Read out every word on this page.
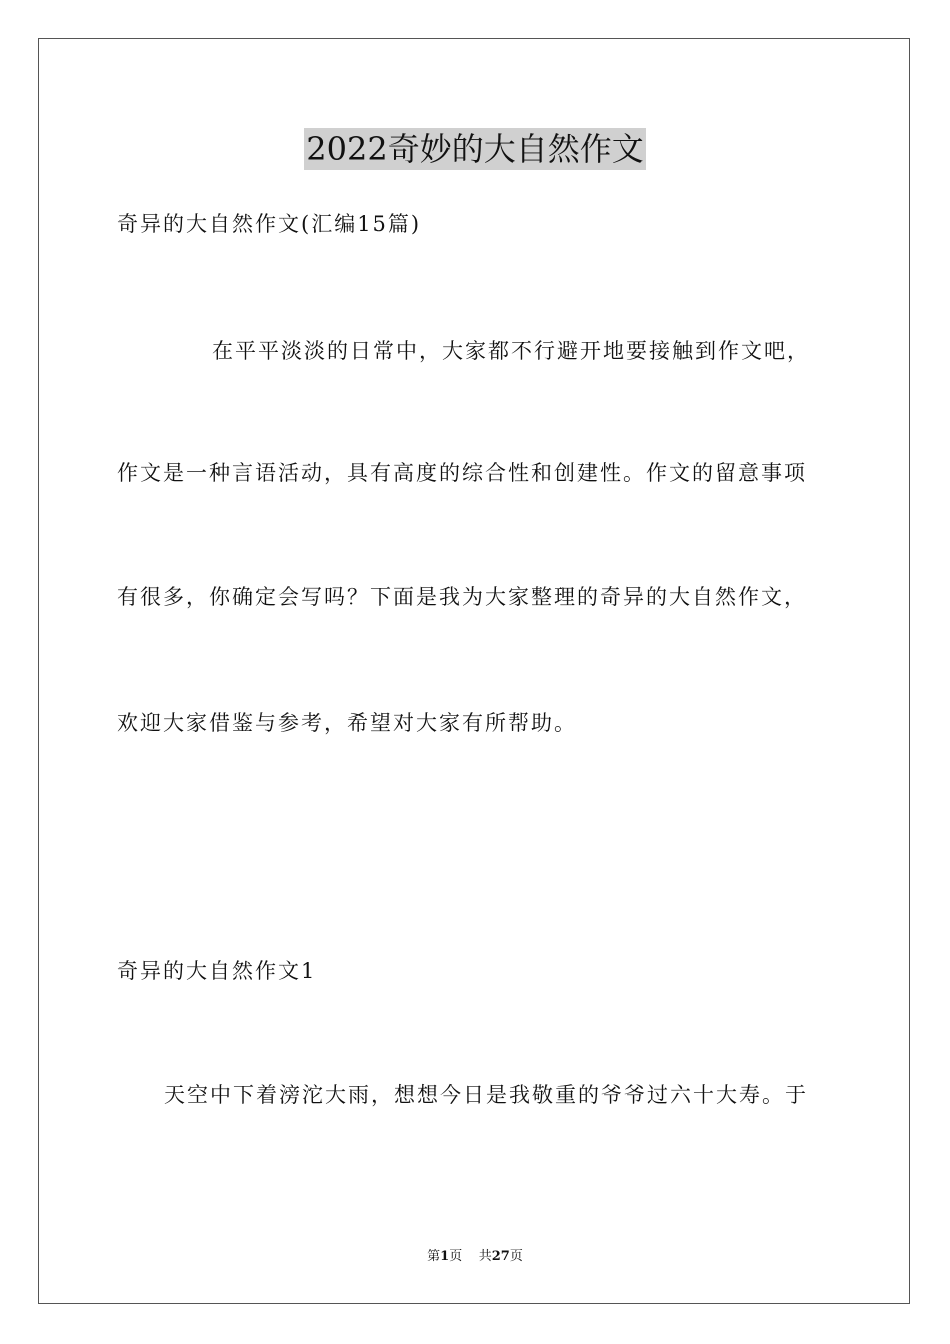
2022奇妙的大自然作文
奇异的大自然作文(汇编15篇)
在平平淡淡的日常中，大家都不行避开地要接触到作文吧，
作文是一种言语活动，具有高度的综合性和创建性。作文的留意事项
有很多，你确定会写吗？下面是我为大家整理的奇异的大自然作文，
欢迎大家借鉴与参考，希望对大家有所帮助。
奇异的大自然作文1
天空中下着滂沱大雨，想想今日是我敬重的爷爷过六十大寿。于
第1页 共27页
